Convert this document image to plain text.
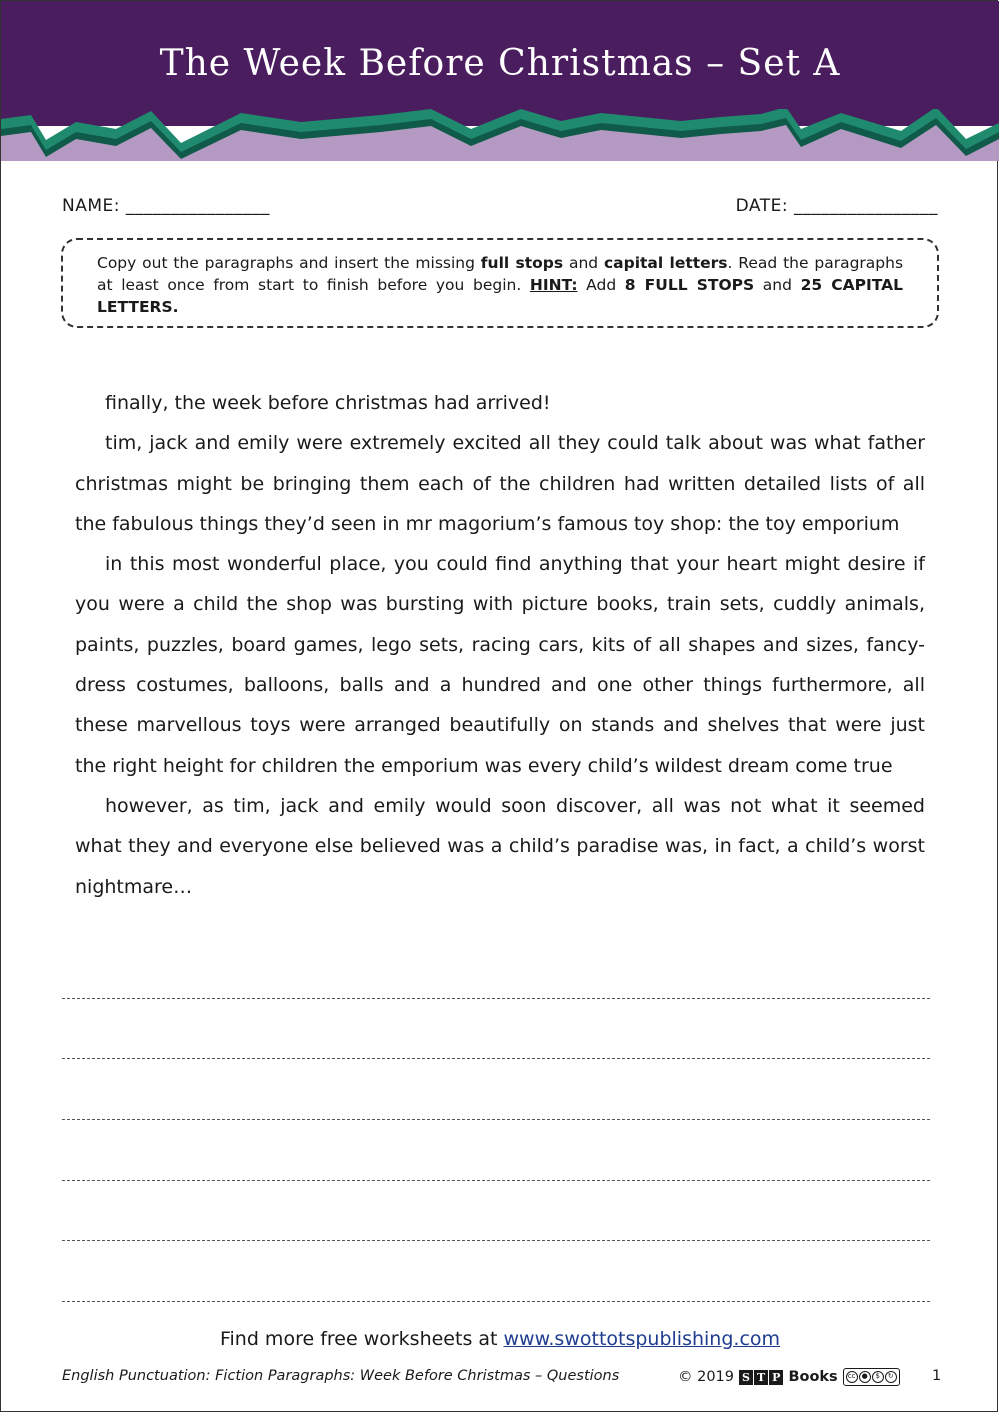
The Week Before Christmas – Set A
NAME: ________________	DATE: ________________
Copy out the paragraphs and insert the missing full stops and capital letters. Read the paragraphs at least once from start to finish before you begin. HINT: Add 8 FULL STOPS and 25 CAPITAL LETTERS.

finally, the week before christmas had arrived!

tim, jack and emily were extremely excited all they could talk about was what father christmas might be bringing them each of the children had written detailed lists of all the fabulous things they’d seen in mr magorium’s famous toy shop: the toy emporium

in this most wonderful place, you could find anything that your heart might desire if you were a child the shop was bursting with picture books, train sets, cuddly animals, paints, puzzles, board games, lego sets, racing cars, kits of all shapes and sizes, fancy-dress costumes, balloons, balls and a hundred and one other things furthermore, all these marvellous toys were arranged beautifully on stands and shelves that were just the right height for children the emporium was every child’s wildest dream come true

however, as tim, jack and emily would soon discover, all was not what it seemed what they and everyone else believed was a child’s paradise was, in fact, a child’s worst nightmare…

Find more free worksheets at www.swottotspublishing.com
English Punctuation: Fiction Paragraphs: Week Before Christmas – Questions	© 2019 S T P Books	cc ●	$	↻	1
